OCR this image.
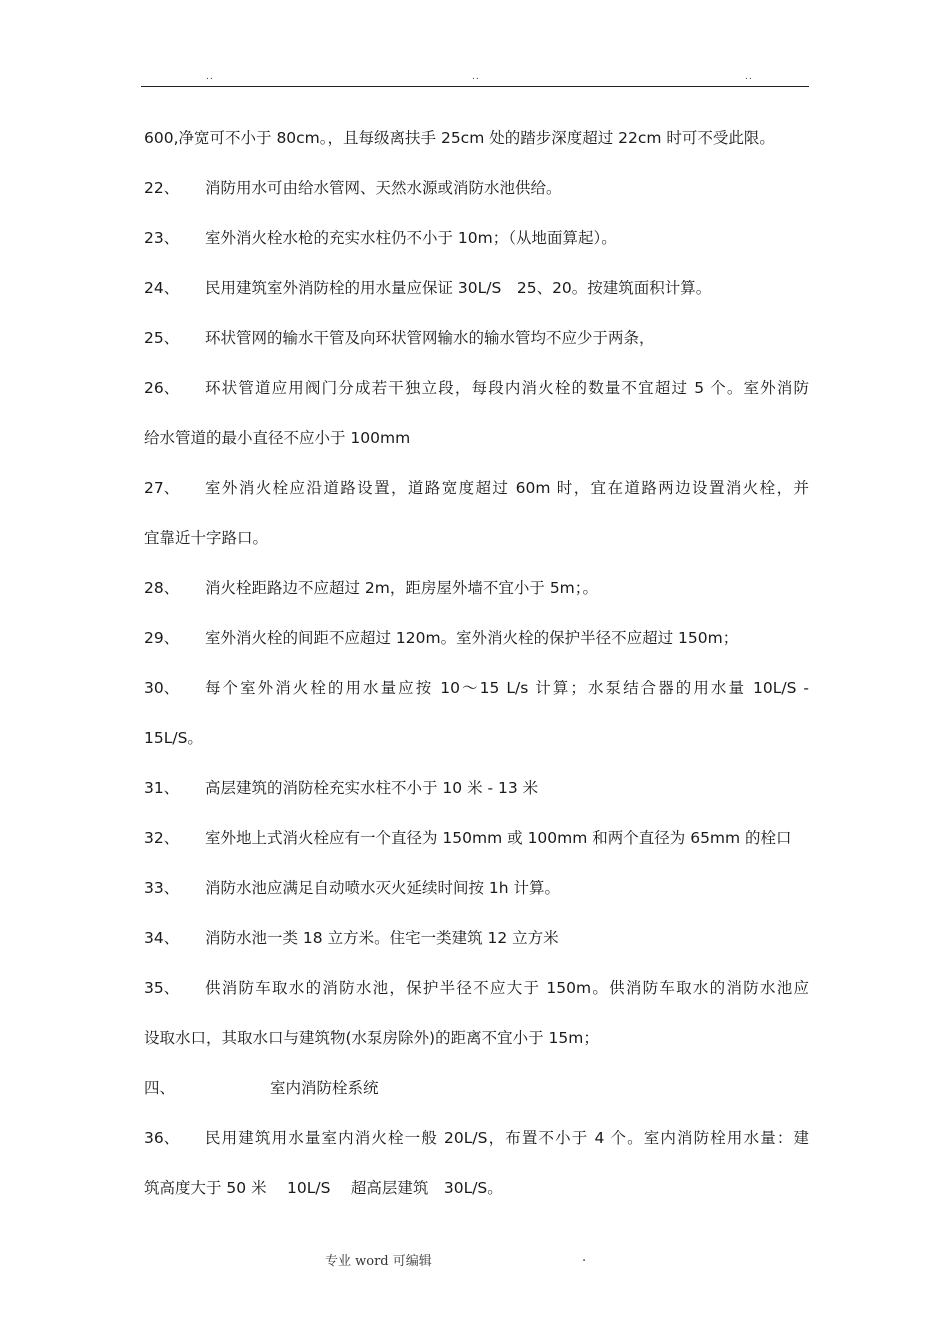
..	..	..
600,净宽可不小于 80cm。，且每级离扶手 25cm 处的踏步深度超过 22cm 时可不受此限。
22、 消防用水可由给水管网、天然水源或消防水池供给。
23、 室外消火栓水枪的充实水柱仍不小于 10m；（从地面算起）。
24、 民用建筑室外消防栓的用水量应保证 30L/S　25、20。按建筑面积计算。
25、 环状管网的输水干管及向环状管网输水的输水管均不应少于两条，
26、 环状管道应用阀门分成若干独立段，每段内消火栓的数量不宜超过 5 个。室外消防
给水管道的最小直径不应小于 100mm
27、 室外消火栓应沿道路设置，道路宽度超过 60m 时，宜在道路两边设置消火栓，并
宜靠近十字路口。
28、 消火栓距路边不应超过 2m，距房屋外墙不宜小于 5m；。
29、 室外消火栓的间距不应超过 120m。室外消火栓的保护半径不应超过 150m；
30、 每个室外消火栓的用水量应按 10～15 L/s 计算；水泵结合器的用水量 10L/S -
15L/S。
31、 高层建筑的消防栓充实水柱不小于 10 米 - 13 米
32、 室外地上式消火栓应有一个直径为 150mm 或 100mm 和两个直径为 65mm 的栓口
33、 消防水池应满足自动喷水灭火延续时间按 1h 计算。
34、 消防水池一类 18 立方米。住宅一类建筑 12 立方米
35、 供消防车取水的消防水池，保护半径不应大于 150m。供消防车取水的消防水池应
设取水口，其取水口与建筑物(水泵房除外)的距离不宜小于 15m；
四、	室内消防栓系统
36、 民用建筑用水量室内消火栓一般 20L/S，布置不小于 4 个。室内消防栓用水量：建
筑高度大于 50 米　 10L/S　 超高层建筑　30L/S。
专业 word 可编辑	.
